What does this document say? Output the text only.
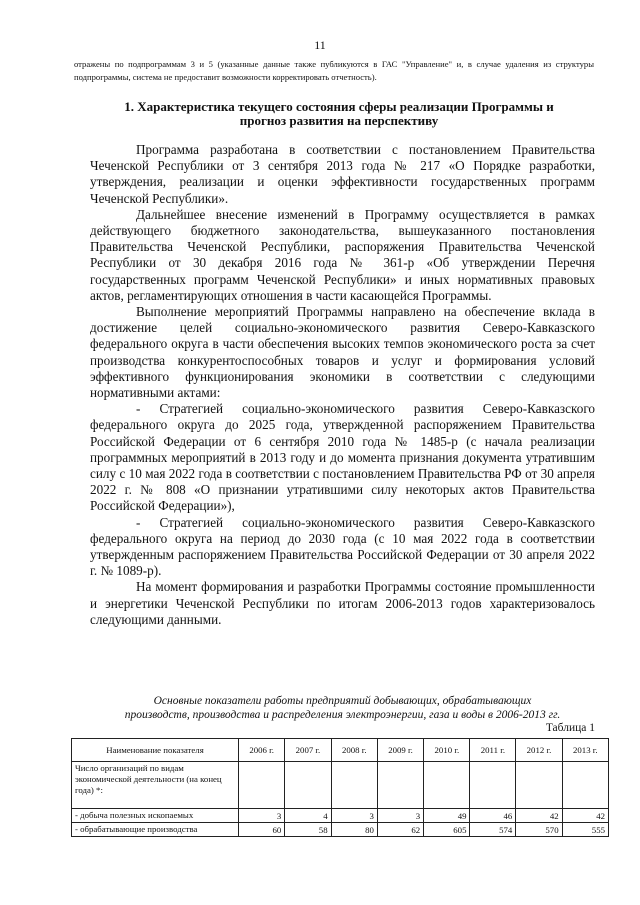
11
отражены по подпрограммам 3 и 5 (указанные данные также публикуются в ГАС "Управление" и, в случае удаления из структуры подпрограммы, система не предоставит возможности корректировать отчетность).
1. Характеристика текущего состояния сферы реализации Программы и
прогноз развития на перспективу

Программа разработана в соответствии с постановлением Правительства Чеченской Республики от 3 сентября 2013 года № 217 «О Порядке разработки, утверждения, реализации и оценки эффективности государственных программ Чеченской Республики».

Дальнейшее внесение изменений в Программу осуществляется в рамках действующего бюджетного законодательства, вышеуказанного постановления Правительства Чеченской Республики, распоряжения Правительства Чеченской Республики от 30 декабря 2016 года № 361-р «Об утверждении Перечня государственных программ Чеченской Республики» и иных нормативных правовых актов, регламентирующих отношения в части касающейся Программы.

Выполнение мероприятий Программы направлено на обеспечение вклада в достижение целей социально-экономического развития Северо-Кавказского федерального округа в части обеспечения высоких темпов экономического роста за счет производства конкурентоспособных товаров и услуг и формирования условий эффективного функционирования экономики в соответствии с следующими нормативными актами:

- Стратегией социально-экономического развития Северо-Кавказского федерального округа до 2025 года, утвержденной распоряжением Правительства Российской Федерации от 6 сентября 2010 года № 1485-р (с начала реализации программных мероприятий в 2013 году и до момента признания документа утратившим силу с 10 мая 2022 года в соответствии с постановлением Правительства РФ от 30 апреля 2022 г. № 808 «О признании утратившими силу некоторых актов Правительства Российской Федерации»),

- Стратегией социально-экономического развития Северо-Кавказского федерального округа на период до 2030 года (с 10 мая 2022 года в соответствии утвержденным распоряжением Правительства Российской Федерации от 30 апреля 2022 г. № 1089-р).

На момент формирования и разработки Программы состояние промышленности и энергетики Чеченской Республики по итогам 2006-2013 годов характеризовалось следующими данными.

Основные показатели работы предприятий добывающих, обрабатывающих
производств, производства и распределения электроэнергии, газа и воды в 2006-2013 гг.
Таблица 1
Наименование показателя	2006 г.	2007 г.	2008 г.	2009 г.	2010 г.	2011 г.	2012 г.	2013 г.
Число организаций по видам экономической деятельности (на конец года) *:								
- добыча полезных ископаемых	3	4	3	3	49	46	42	42
- обрабатывающие производства	60	58	80	62	605	574	570	555
